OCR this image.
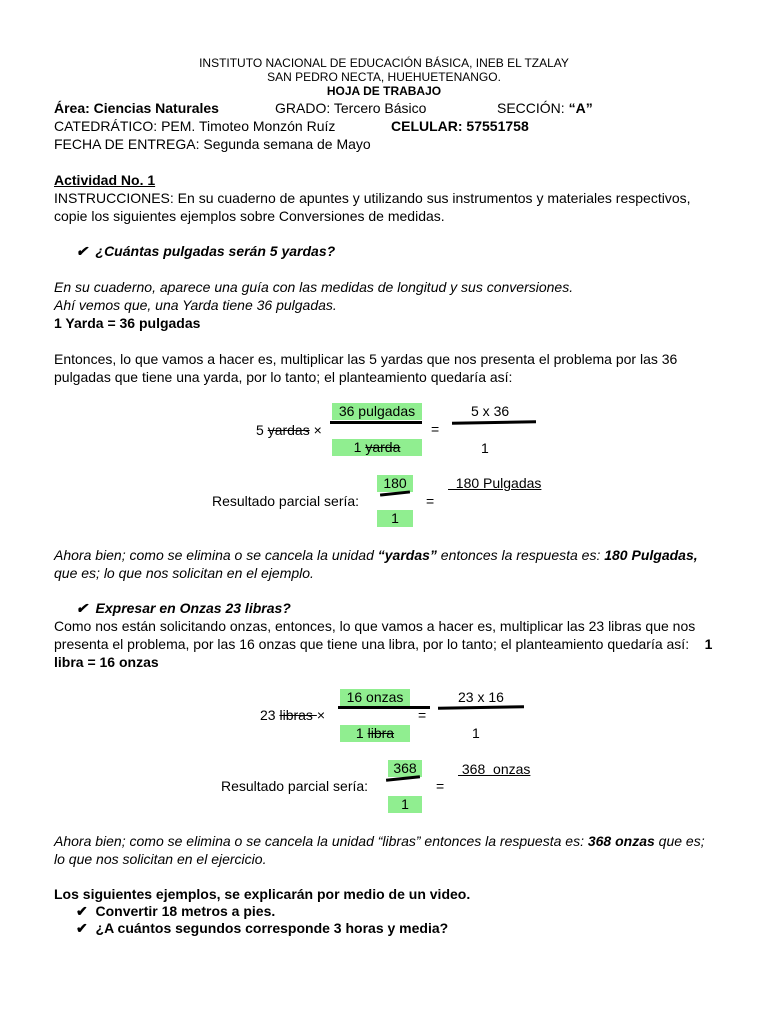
INSTITUTO NACIONAL DE EDUCACIÓN BÁSICA, INEB EL TZALAY
SAN PEDRO NECTA, HUEHUETENANGO.
HOJA DE TRABAJO
Área: Ciencias Naturales	GRADO: Tercero Básico	SECCIÓN: “A”
CATEDRÁTICO: PEM. Timoteo Monzón Ruíz	CELULAR: 57551758
FECHA DE ENTREGA: Segunda semana de Mayo
Actividad No. 1
INSTRUCCIONES: En su cuaderno de apuntes y utilizando sus instrumentos y materiales respectivos, copie los siguientes ejemplos sobre Conversiones de medidas.
✔ ¿Cuántas pulgadas serán 5 yardas?
En su cuaderno, aparece una guía con las medidas de longitud y sus conversiones.
Ahí vemos que, una Yarda tiene 36 pulgadas.
1 Yarda = 36 pulgadas
Entonces, lo que vamos a hacer es, multiplicar las 5 yardas que nos presenta el problema por las 36 pulgadas que tiene una yarda, por lo tanto; el planteamiento quedaría así:
5 yardas ×
36 pulgadas
1 yarda
=
5 x 36
1
Resultado parcial sería:
180
1
=
180 Pulgadas
Ahora bien; como se elimina o se cancela la unidad “yardas” entonces la respuesta es: 180 Pulgadas, que es; lo que nos solicitan en el ejemplo.
✔ Expresar en Onzas 23 libras?
Como nos están solicitando onzas, entonces, lo que vamos a hacer es, multiplicar las 23 libras que nos presenta el problema, por las 16 onzas que tiene una libra, por lo tanto; el planteamiento quedaría así: 1 libra = 16 onzas
23 libras ×
16 onzas
1 libra
=
23 x 16
1
Resultado parcial sería:
368
1
=
368  onzas
Ahora bien; como se elimina o se cancela la unidad “libras” entonces la respuesta es: 368 onzas que es; lo que nos solicitan en el ejercicio.
Los siguientes ejemplos, se explicarán por medio de un video.
✔ Convertir 18 metros a pies.
✔ ¿A cuántos segundos corresponde 3 horas y media?
